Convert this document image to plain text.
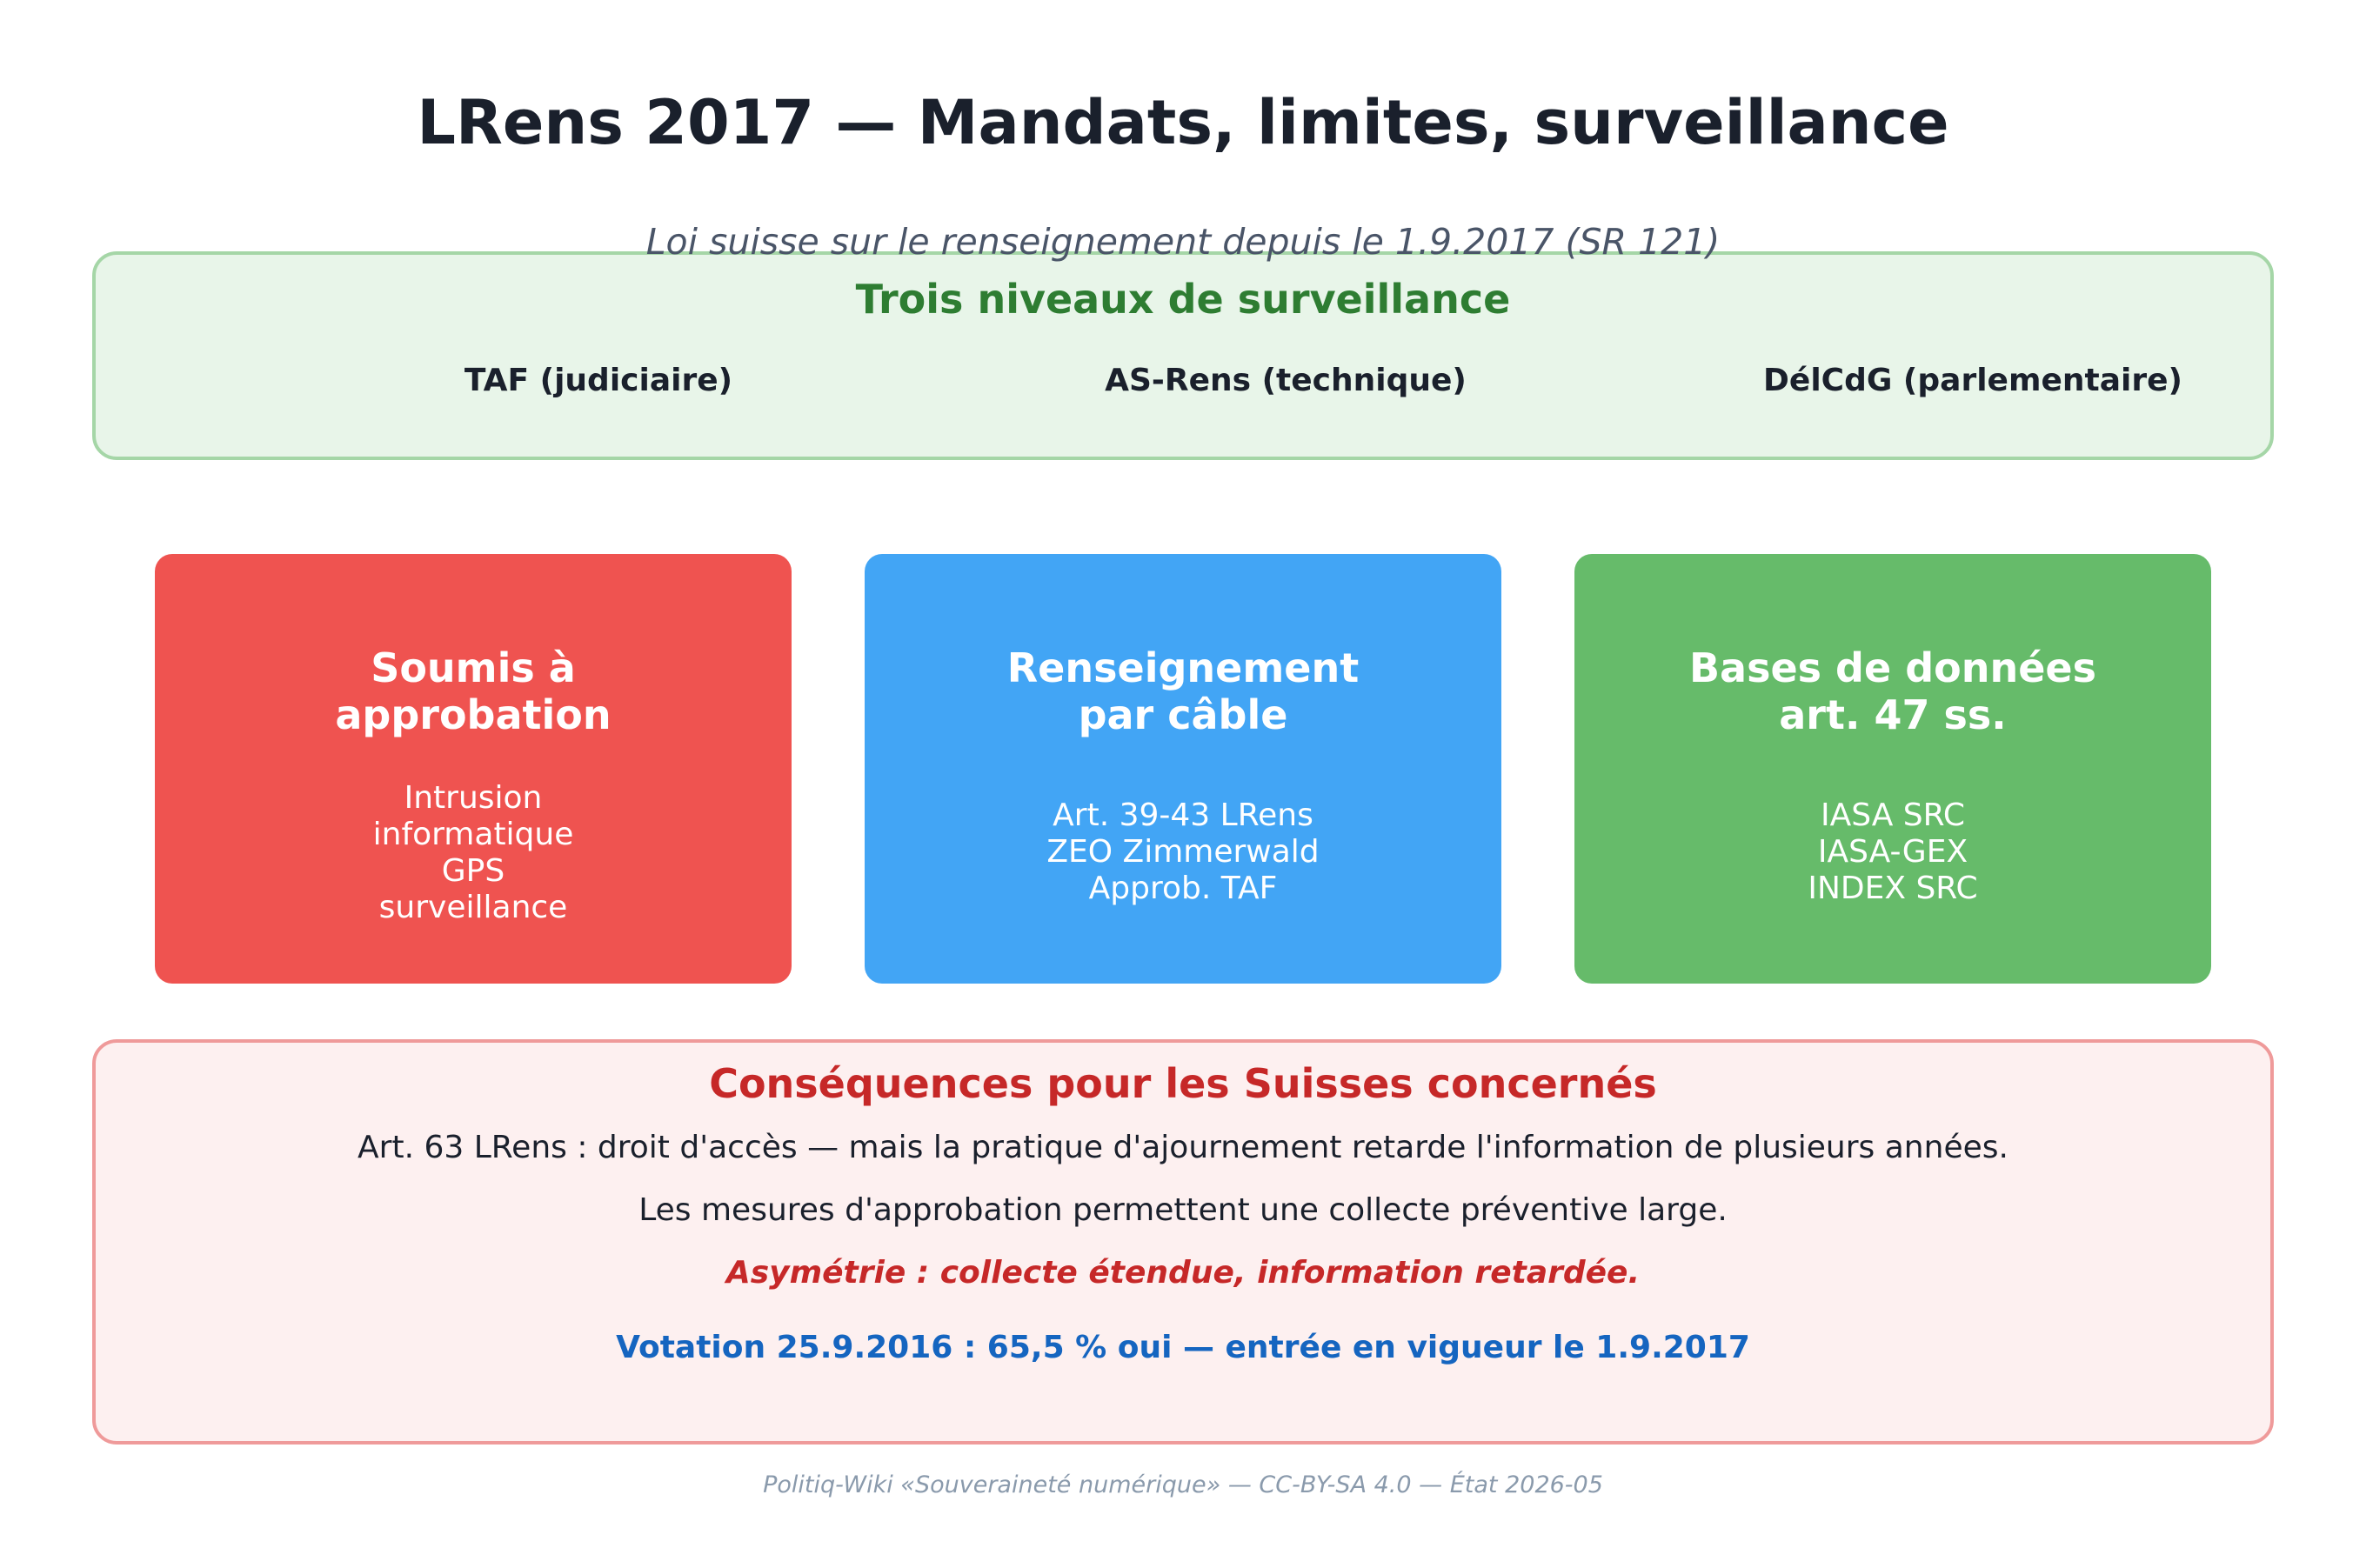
LRens 2017 — Mandats, limites, surveillance
Trois niveaux de surveillance
TAF (judiciaire)	AS-Rens (technique)	DélCdG (parlementaire)
Loi suisse sur le renseignement depuis le 1.9.2017 (SR 121)
Soumis à
approbation
Intrusion
informatique
GPS
surveillance
Renseignement
par câble
Art. 39-43 LRens
ZEO Zimmerwald
Approb. TAF
Bases de données
art. 47 ss.
IASA SRC
IASA-GEX
INDEX SRC
Conséquences pour les Suisses concernés
Art. 63 LRens : droit d'accès — mais la pratique d'ajournement retarde l'information de plusieurs années.
Les mesures d'approbation permettent une collecte préventive large.
Asymétrie : collecte étendue, information retardée.
Votation 25.9.2016 : 65,5 % oui — entrée en vigueur le 1.9.2017
Politiq-Wiki «Souveraineté numérique» — CC-BY-SA 4.0 — État 2026-05
